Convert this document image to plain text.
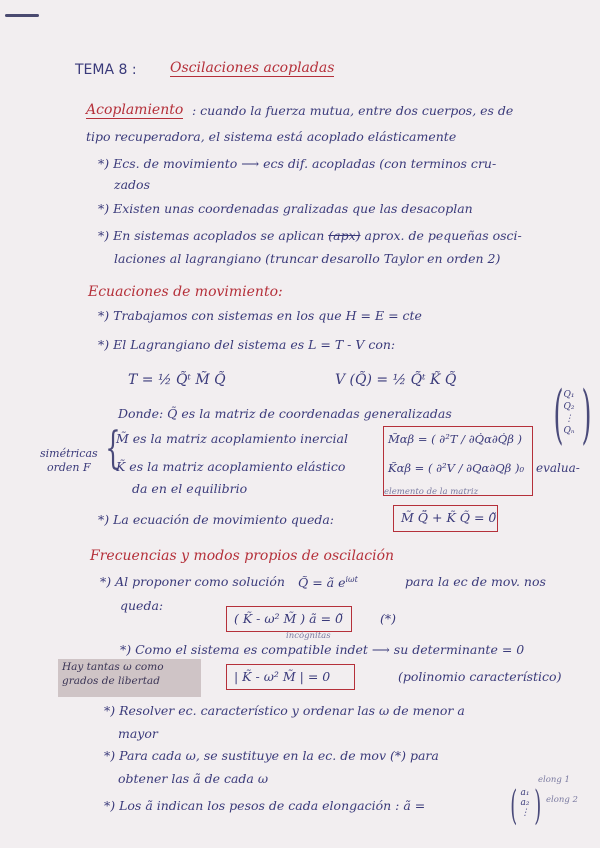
TEMA 8 : Oscilaciones acopladas
Acoplamiento : cuando la fuerza mutua, entre dos cuerpos, es de
tipo recuperadora, el sistema está acoplado elásticamente
*) Ecs. de movimiento ⟶ ecs dif. acopladas (con terminos cru-
zados
*) Existen unas coordenadas gralizadas que las desacoplan
*) En sistemas acoplados se aplican (apx) aprox. de pequeñas osci-
laciones al lagrangiano (truncar desarollo Taylor en orden 2)
Ecuaciones de movimiento:
*) Trabajamos con sistemas en los que H = E = cte
*) El Lagrangiano del sistema es L = T - V con:
T = ½ Q̃ᵗ M̃ Q̃	V (Q̃) = ½ Q̃ᵗ K̃ Q̃
Donde: Q̃ es la matriz de coordenadas generalizadas ( )
Q₁
Q₂
⋮
Qₙ
simétricas
orden F {
M̃ es la matriz acoplamiento inercial
K̃ es la matriz acoplamiento elástico
da en el equilibrio
M̃αβ = ( ∂²T / ∂Q̇α∂Q̇β )
K̃αβ = ( ∂²V / ∂Qα∂Qβ )₀ evalua-
elemento de la matriz
*) La ecuación de movimiento queda:	M̃ Q̃̈ + K̃ Q̃ = 0̃
Frecuencias y modos propios de oscilación
*) Al proponer como solución Q̃ = ã $e^{i\omega t}$	para la ec de mov. nos
queda:
( K̃ - ω² M̃ ) ã = 0̃	(*)
incógnitas
*) Como el sistema es compatible indet ⟶ su determinante = 0
Hay tantas ω como
grados de libertad	| K̃ - ω² M̃ | = 0	(polinomio característico)
*) Resolver ec. característico y ordenar las ω de menor a
mayor
*) Para cada ω, se sustituye en la ec. de mov (*) para
obtener las ã de cada ω
*) Los ã indican los pesos de cada elongación : ã = ( )
a₁
a₂
⋮
elong 1
elong 2
